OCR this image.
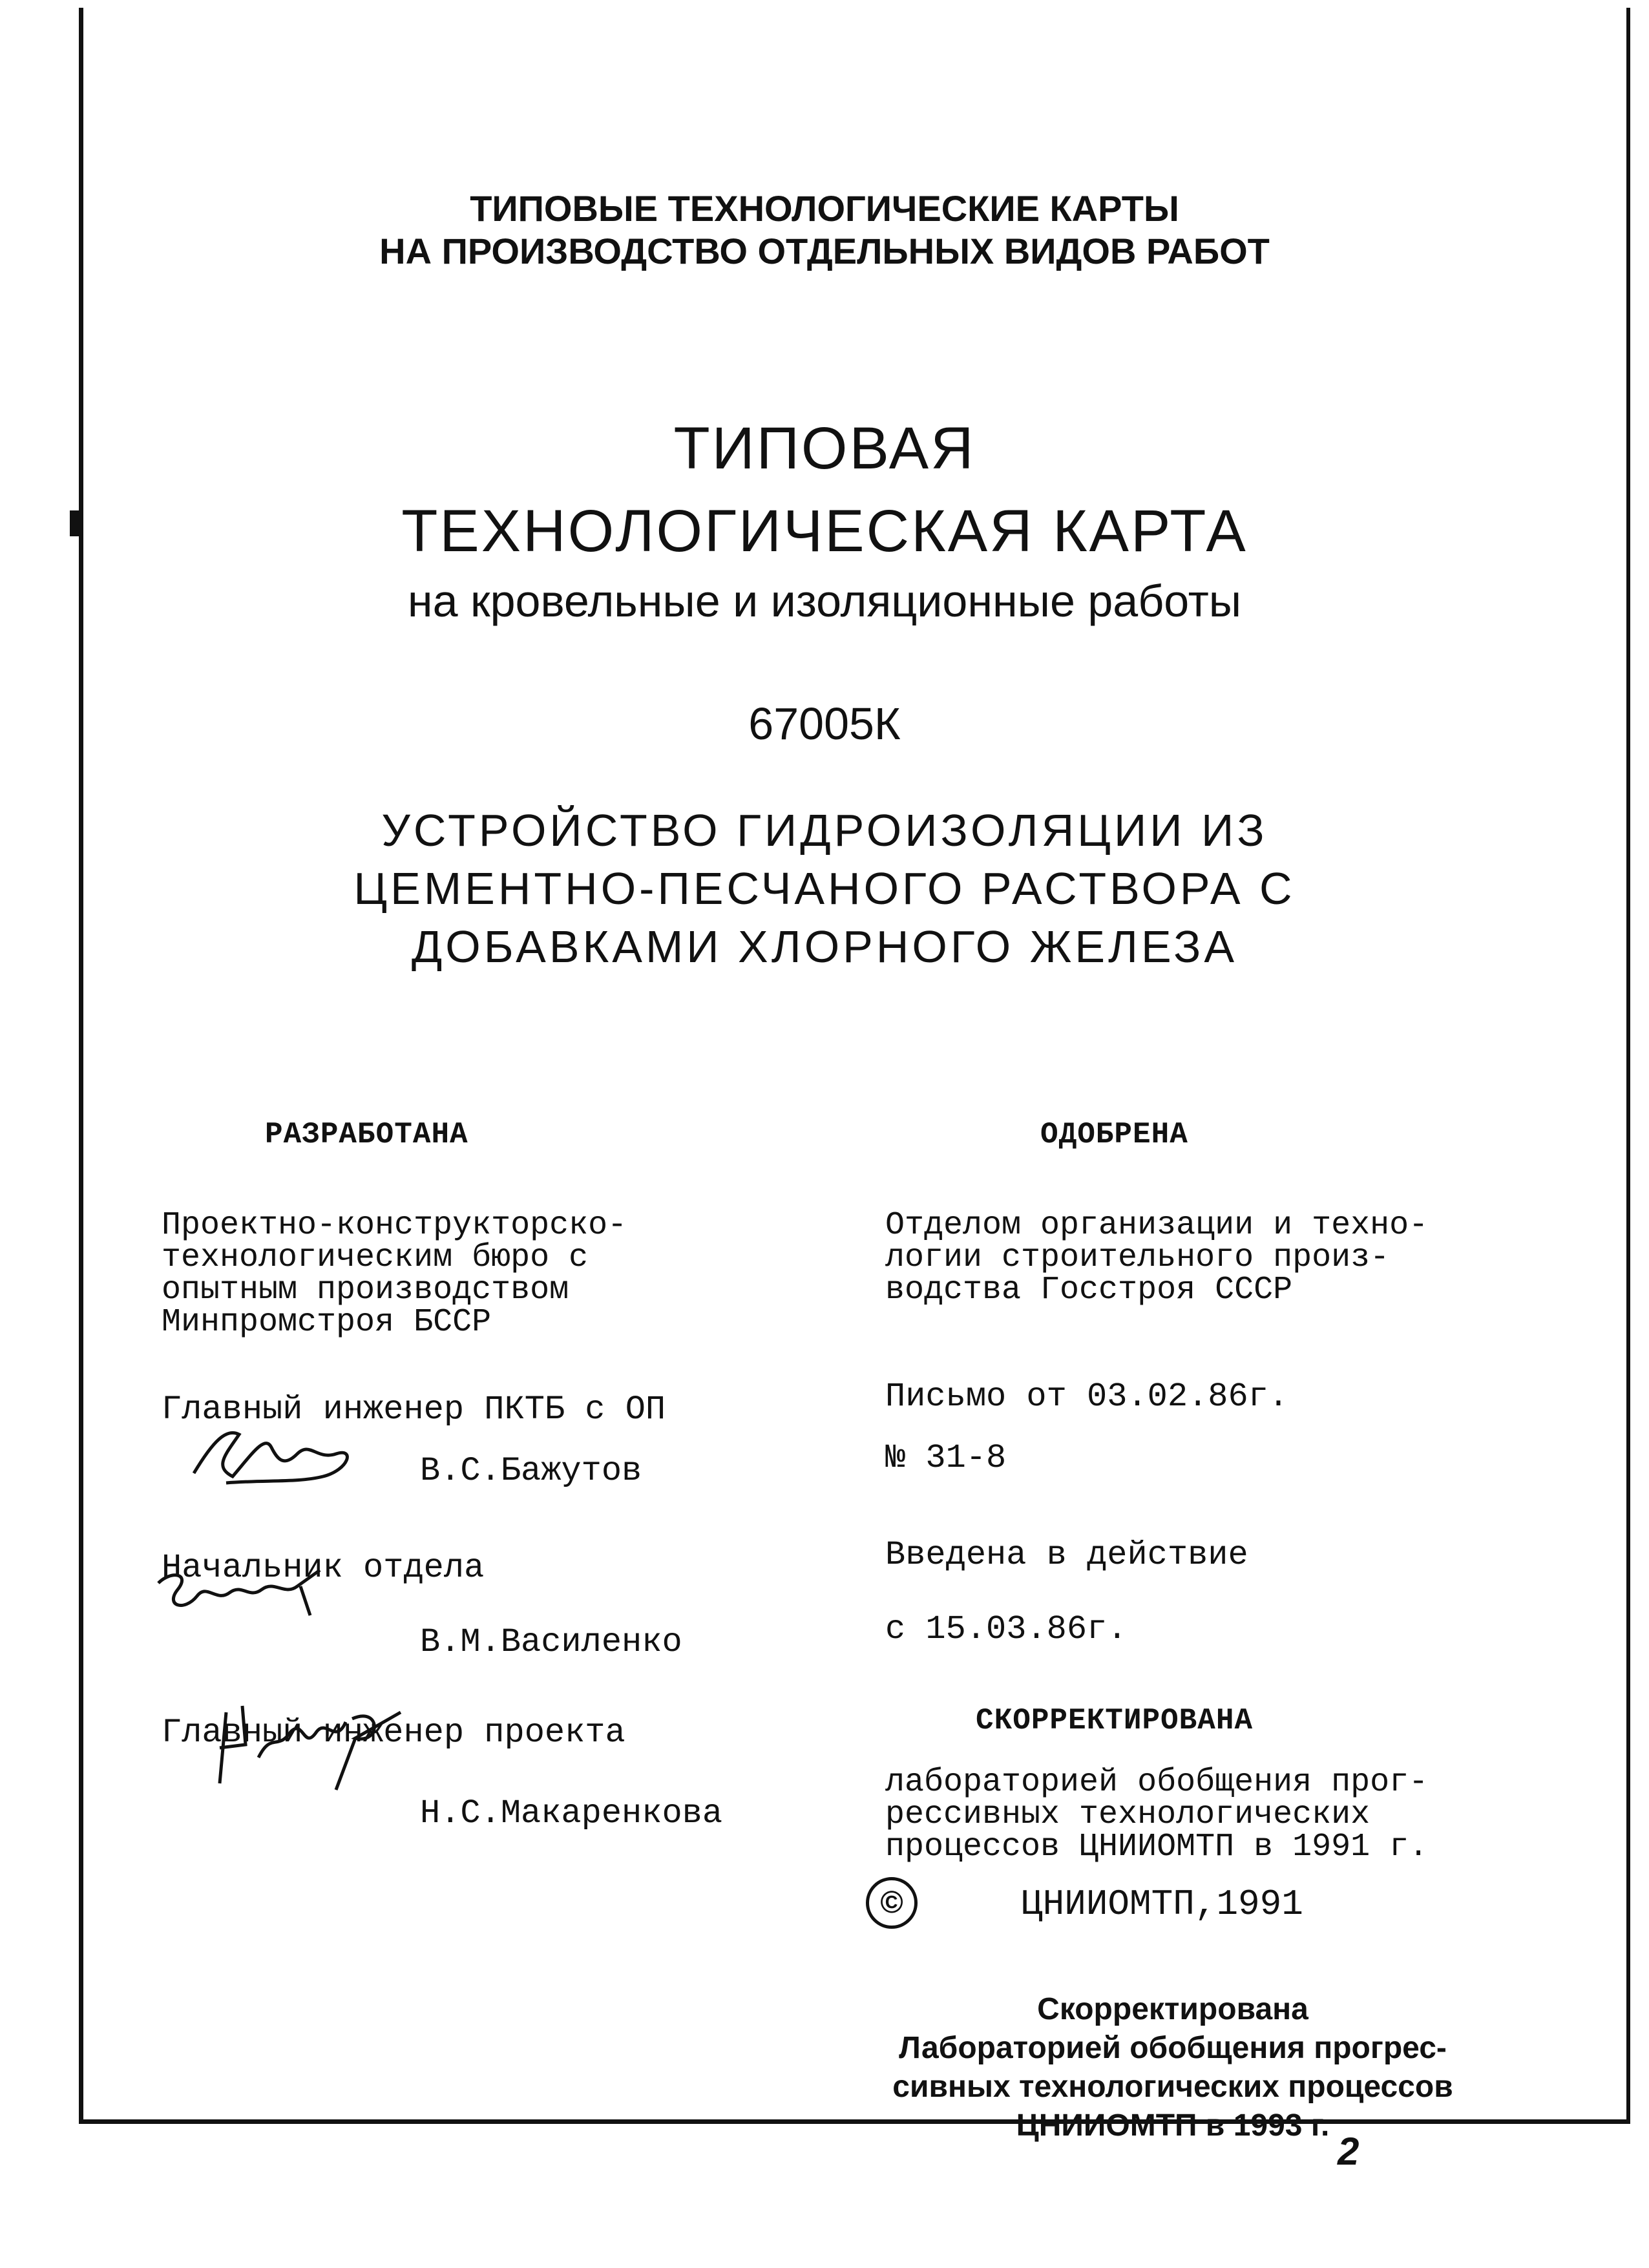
ТИПОВЫЕ ТЕХНОЛОГИЧЕСКИЕ КАРТЫ
НА ПРОИЗВОДСТВО ОТДЕЛЬНЫХ ВИДОВ РАБОТ
ТИПОВАЯ
ТЕХНОЛОГИЧЕСКАЯ КАРТА
на кровельные и изоляционные работы
67005К
УСТРОЙСТВО ГИДРОИЗОЛЯЦИИ ИЗ
ЦЕМЕНТНО-ПЕСЧАНОГО РАСТВОРА С
ДОБАВКАМИ ХЛОРНОГО ЖЕЛЕЗА
РАЗРАБОТАНА
Проектно-конструкторско-
технологическим бюро с
опытным производством
Минпромстроя БССР
Главный инженер ПКТБ с ОП
В.С.Бажутов
Начальник отдела
В.М.Василенко
Главный инженер проекта
Н.С.Макаренкова
ОДОБРЕНА
Отделом организации и техно-
логии строительного произ-
водства Госстроя СССР
Письмо от 03.02.86г.
№ 31-8
Введена в действие
с 15.03.86г.
СКОРРЕКТИРОВАНА
лабораторией обобщения прог-
рессивных технологических
процессов ЦНИИОМТП в 1991 г.
©	ЦНИИОМТП,1991
Скорректирована
Лабораторией обобщения прогрес-
сивных технологических процессов
ЦНИИОМТП в 1993 г.
2
